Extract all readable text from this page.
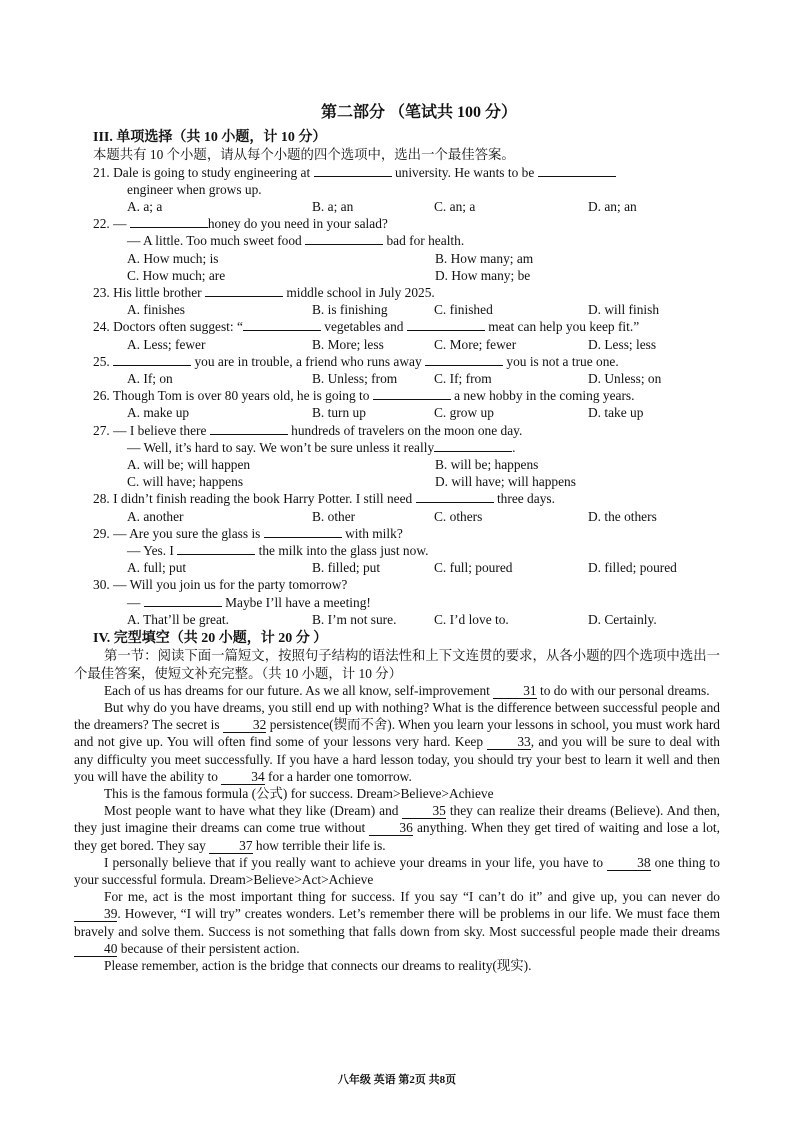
第二部分 （笔试共 100 分）
III. 单项选择（共 10 小题，计 10 分）
本题共有 10 个小题，请从每个小题的四个选项中，选出一个最佳答案。
21. Dale is going to study engineering at	university. He wants to be
engineer when grows up.
A. a; a	B. a; an	C. an; a	D. an; an
22. —	honey do you need in your salad?
— A little. Too much sweet food	bad for health.
A. How much; is	B. How many; am
C. How much; are	D. How many; be
23. His little brother	middle school in July 2025.
A. finishes	B. is finishing	C. finished	D. will finish
24. Doctors often suggest: “	vegetables and	meat can help you keep fit.”
A. Less; fewer	B. More; less	C. More; fewer	D. Less; less
25.	you are in trouble, a friend who runs away	you is not a true one.
A. If; on	B. Unless; from	C. If; from	D. Unless; on
26. Though Tom is over 80 years old, he is going to	a new hobby in the coming years.
A. make up	B. turn up	C. grow up	D. take up
27. — I believe there	hundreds of travelers on the moon one day.
— Well, it’s hard to say. We won’t be sure unless it really	.
A. will be; will happen	B. will be; happens
C. will have; happens	D. will have; will happens
28. I didn’t finish reading the book Harry Potter. I still need	three days.
A. another	B. other	C. others	D. the others
29. — Are you sure the glass is	with milk?
— Yes. I	the milk into the glass just now.
A. full; put	B. filled; put	C. full; poured	D. filled; poured
30. — Will you join us for the party tomorrow?
—	Maybe I’ll have a meeting!
A. That’ll be great.	B. I’m not sure.	C. I’d love to.	D. Certainly.
IV. 完型填空（共 20 小题，计 20 分 ）

第一节：阅读下面一篇短文，按照句子结构的语法性和上下文连贯的要求，从各小题的四个选项中选出一个最佳答案，使短文补充完整。（共 10 小题，计 10 分）

Each of us has dreams for our future. As we all know, self-improvement 31 to do with our personal dreams.

But why do you have dreams, you still end up with nothing? What is the difference between successful people and the dreamers? The secret is 32 persistence(锲而不舍). When you learn your lessons in school, you must work hard and not give up. You will often find some of your lessons very hard. Keep	33, and you will be sure to deal with any difficulty you meet successfully. If you have a hard lesson today, you should try your best to learn it well and then you will have the ability to 34 for a harder one tomorrow.

This is the famous formula (公式) for success. Dream>Believe>Achieve

Most people want to have what they like (Dream) and	35 they can realize their dreams (Believe). And then, they just imagine their dreams can come true without	36 anything. When they get tired of waiting and lose a lot, they get bored. They say 37 how terrible their life is.

I personally believe that if you really want to achieve your dreams in your life, you have to	38 one thing to your successful formula. Dream>Believe>Act>Achieve

For me, act is the most important thing for success. If you say “I can’t do it” and give up, you can never do 39. However, “I will try” creates wonders. Let’s remember there will be problems in our life. We must face them bravely and solve them. Success is not something that falls down from sky. Most successful people made their dreams 40 because of their persistent action.

Please remember, action is the bridge that connects our dreams to reality(现实).

八年级 英语 第2页 共8页
